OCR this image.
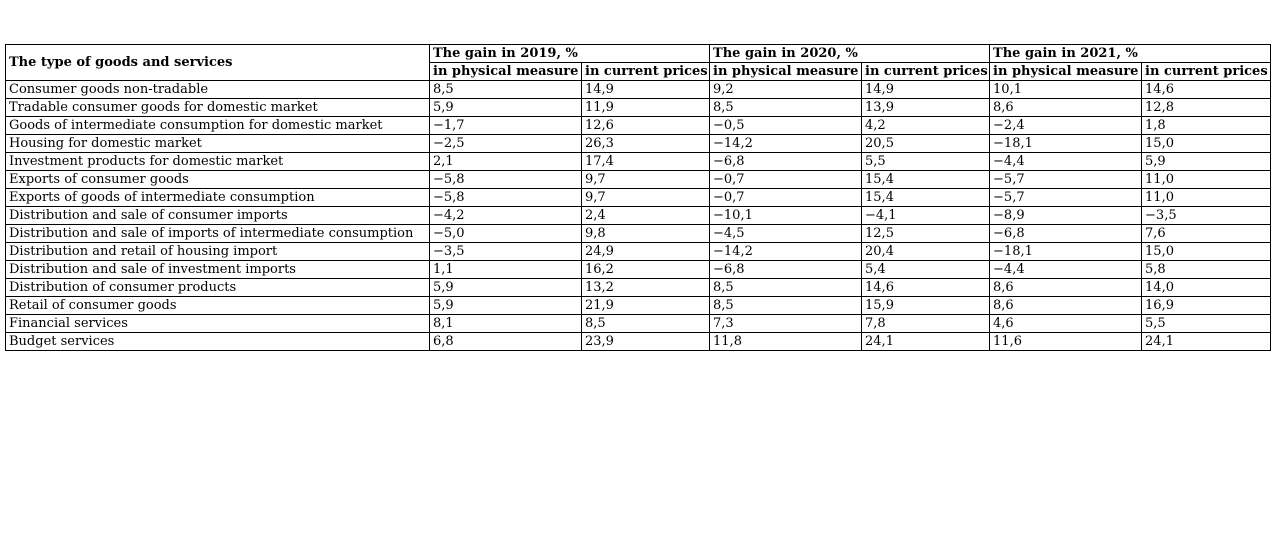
The type of goods and services	The gain in 2019, %		The gain in 2020, %		The gain in 2021, %	
	in physical measure	in current prices	in physical measure	in current prices	in physical measure	in current prices
Consumer goods non-tradable	8,5	14,9	9,2	14,9	10,1	14,6
Tradable consumer goods for domestic market	5,9	11,9	8,5	13,9	8,6	12,8
Goods of intermediate consumption for domestic market	−1,7	12,6	−0,5	4,2	−2,4	1,8
Housing for domestic market	−2,5	26,3	−14,2	20,5	−18,1	15,0
Investment products for domestic market	2,1	17,4	−6,8	5,5	−4,4	5,9
Exports of consumer goods	−5,8	9,7	−0,7	15,4	−5,7	11,0
Exports of goods of intermediate consumption	−5,8	9,7	−0,7	15,4	−5,7	11,0
Distribution and sale of consumer imports	−4,2	2,4	−10,1	−4,1	−8,9	−3,5
Distribution and sale of imports of intermediate consumption	−5,0	9,8	−4,5	12,5	−6,8	7,6
Distribution and retail of housing import	−3,5	24,9	−14,2	20,4	−18,1	15,0
Distribution and sale of investment imports	1,1	16,2	−6,8	5,4	−4,4	5,8
Distribution of consumer products	5,9	13,2	8,5	14,6	8,6	14,0
Retail of consumer goods	5,9	21,9	8,5	15,9	8,6	16,9
Financial services	8,1	8,5	7,3	7,8	4,6	5,5
Budget services	6,8	23,9	11,8	24,1	11,6	24,1
